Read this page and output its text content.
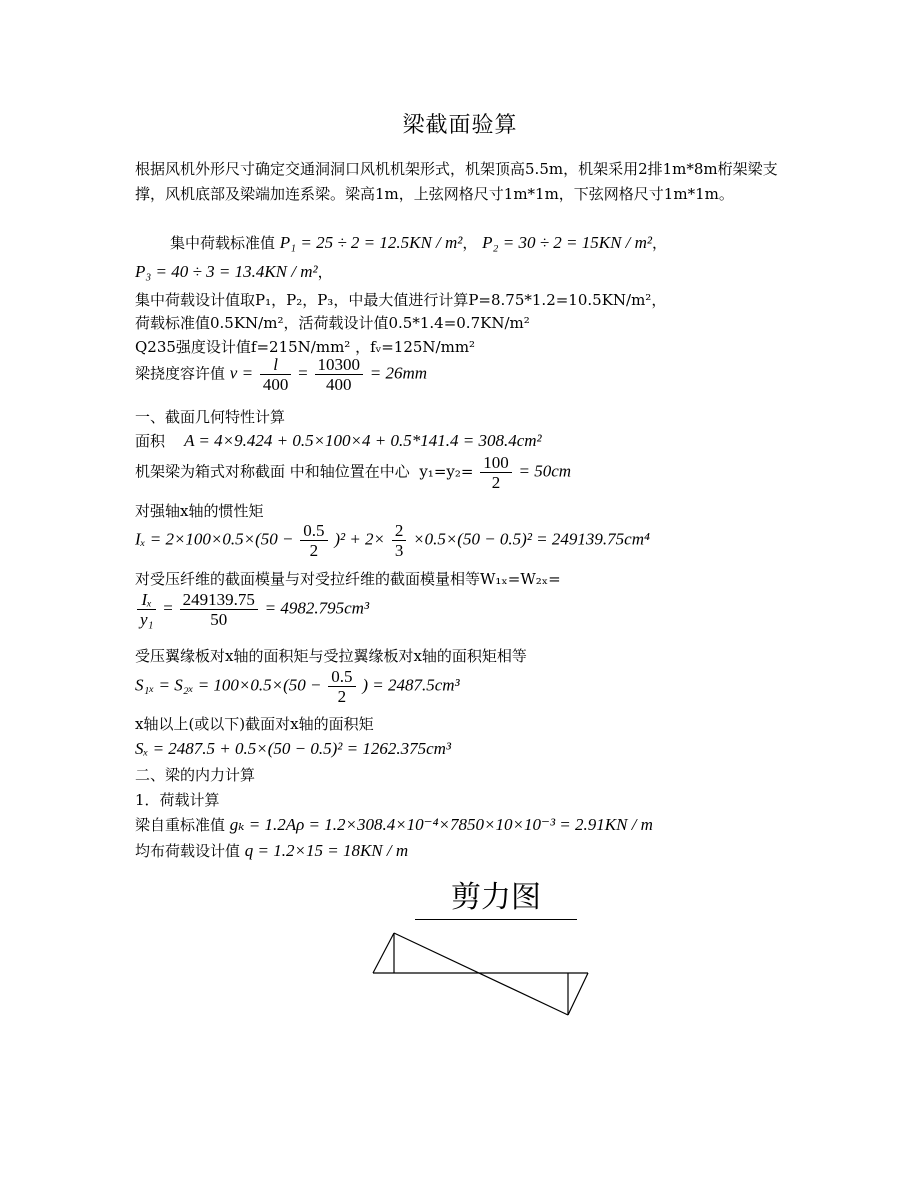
梁截面验算
根据风机外形尺寸确定交通洞洞口风机机架形式，机架顶高5.5m，机架采用2排1m*8m桁架梁支撑，风机底部及梁端加连系梁。梁高1m，上弦网格尺寸1m*1m，下弦网格尺寸1m*1m。
集中荷载标准值 P₁ = 25 ÷ 2 = 12.5KN / m²， P₂ = 30 ÷ 2 = 15KN / m²，
P₃ = 40 ÷ 3 = 13.4KN / m²，
集中荷载设计值取P₁，P₂，P₃，中最大值进行计算P=8.75*1.2=10.5KN/m²，
荷载标准值0.5KN/m²，活荷载设计值0.5*1.4=0.7KN/m²
Q235强度设计值f=215N/mm² ，fᵥ=125N/mm²
梁挠度容许值 $v = \frac{l}{400} = \frac{10300}{400} = 26mm$
一、截面几何特性计算
面积 A = 4×9.424 + 0.5×100×4 + 0.5*141.4 = 308.4cm²
机架梁为箱式对称截面 中和轴位置在中心 $y_1=y_2= \frac{100}{2} = 50cm$
对强轴x轴的惯性矩
$I_x = 2\times 100\times 0.5\times(50 - \frac{0.5}{2} )^2 + 2\times \frac{2}{3} \times 0.5\times(50 - 0.5)^2 = 249139.75cm^4$
对受压纤维的截面模量与对受拉纤维的截面模量相等W₁ₓ=W₂ₓ=
$\frac{\text{Iₓ}}{\text{y₁}} = \frac{249139.75}{50} = 4982.795cm^3$
受压翼缘板对x轴的面积矩与受拉翼缘板对x轴的面积矩相等
$S_{1x} = S_{2x} = 100\times 0.5\times(50 - \frac{0.5}{2}$ ) = 2487.5cm³
x轴以上(或以下)截面对x轴的面积矩
Sₓ = 2487.5 + 0.5×(50 − 0.5)² = 1262.375cm³
二、梁的内力计算
1．荷载计算
梁自重标准值 gₖ = 1.2Aρ = 1.2×308.4×10⁻⁴×7850×10×10⁻³ = 2.91KN / m
均布荷载设计值 q = 1.2×15 = 18KN / m
剪力图
